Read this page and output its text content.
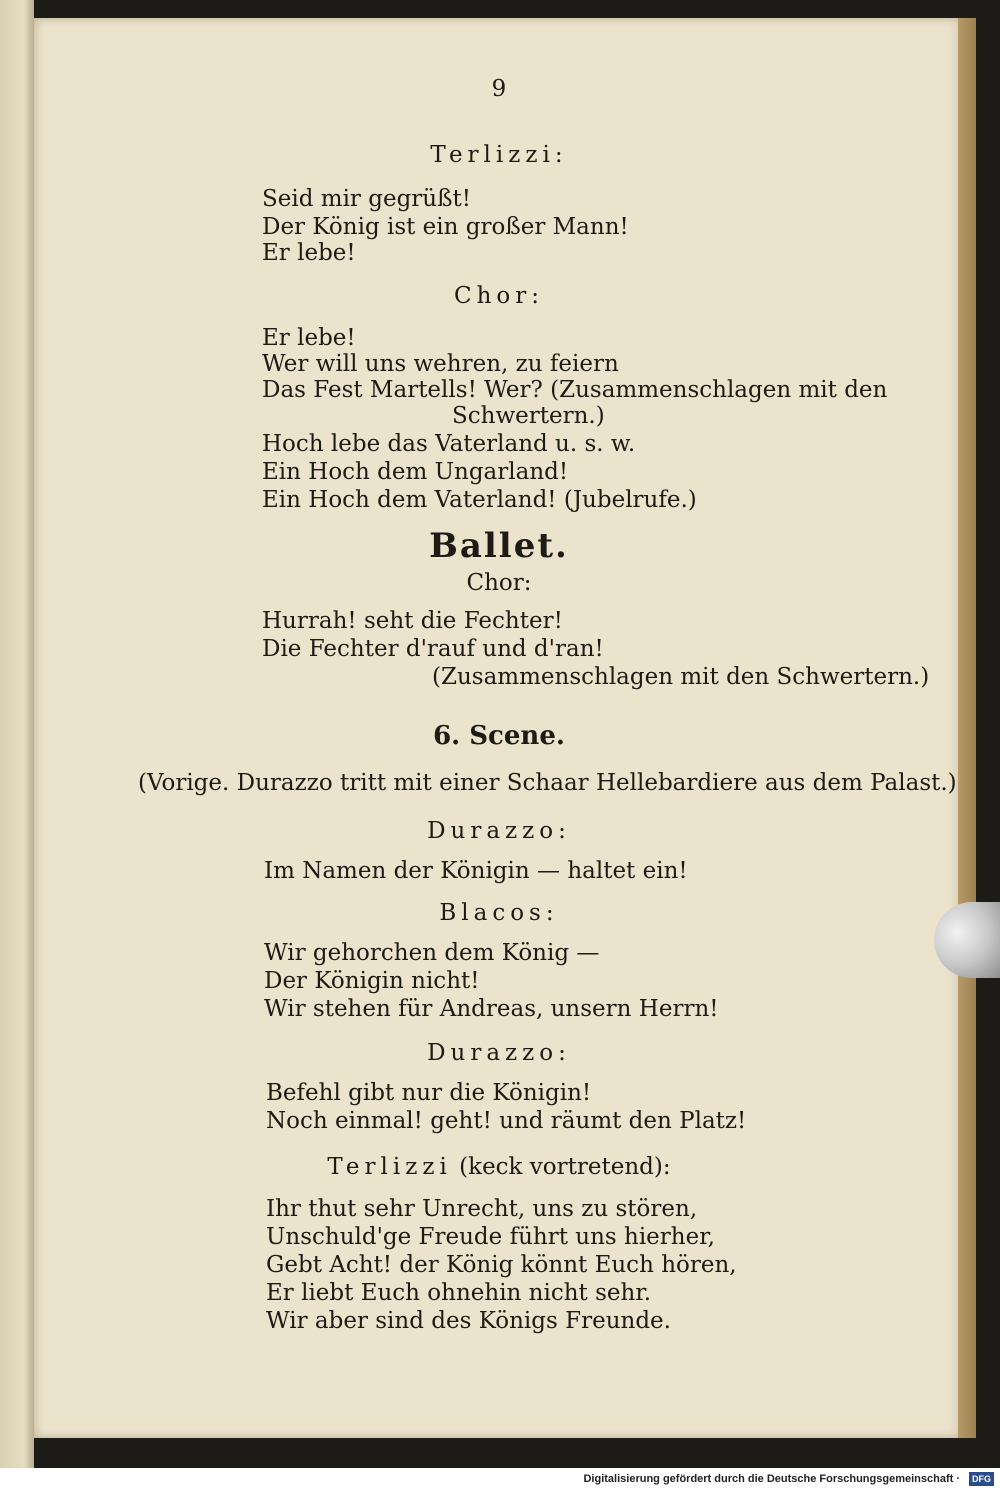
9
Terlizzi:
Seid mir gegrüßt!
Der König ist ein großer Mann!
Er lebe!
Chor:
Er lebe!
Wer will uns wehren, zu feiern
Das Fest Martells! Wer? (Zusammenschlagen mit den
Schwertern.)
Hoch lebe das Vaterland u. s. w.
Ein Hoch dem Ungarland!
Ein Hoch dem Vaterland! (Jubelrufe.)
Ballet.
Chor:
Hurrah! seht die Fechter!
Die Fechter d'rauf und d'ran!
(Zusammenschlagen mit den Schwertern.)
6. Scene.
(Vorige. Durazzo tritt mit einer Schaar Hellebardiere aus dem Palast.)
Durazzo:
Im Namen der Königin — haltet ein!
Blacos:
Wir gehorchen dem König —
Der Königin nicht!
Wir stehen für Andreas, unsern Herrn!
Durazzo:
Befehl gibt nur die Königin!
Noch einmal! geht! und räumt den Platz!
Terlizzi (keck vortretend):
Ihr thut sehr Unrecht, uns zu stören,
Unschuld'ge Freude führt uns hierher,
Gebt Acht! der König könnt Euch hören,
Er liebt Euch ohnehin nicht sehr.
Wir aber sind des Königs Freunde.
Digitalisierung gefördert durch die Deutsche Forschungsgemeinschaft ·	DFG
